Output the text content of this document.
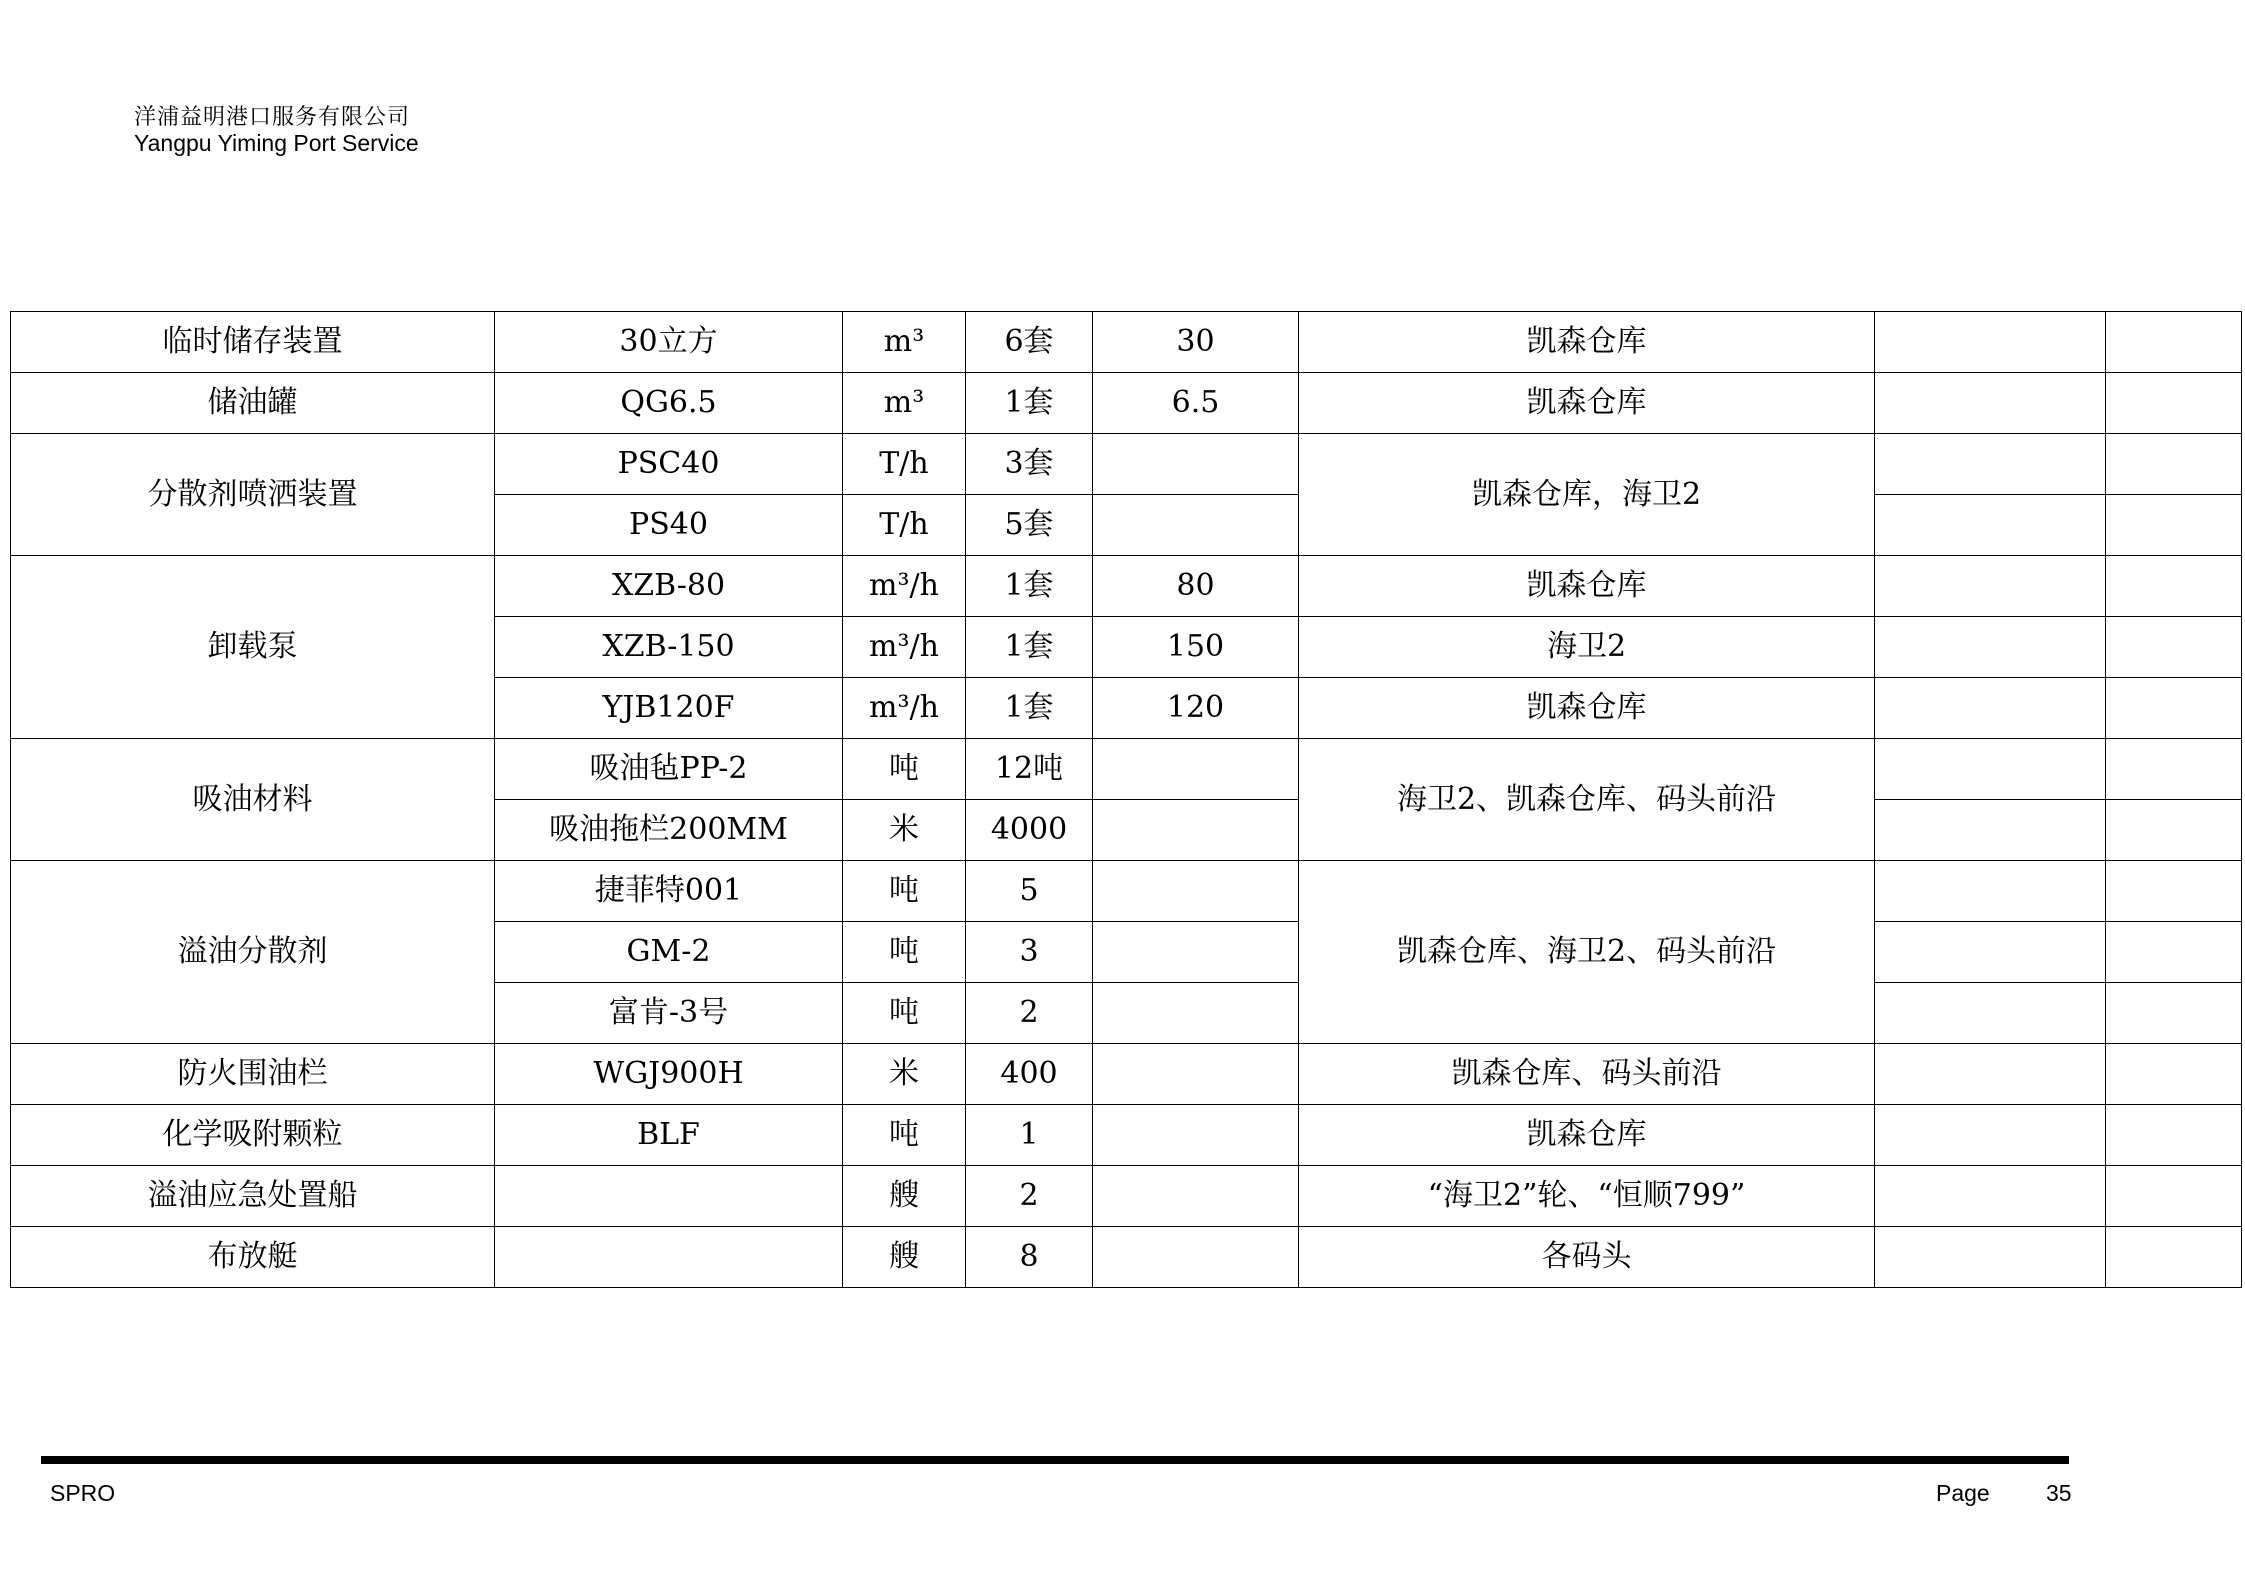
洋浦益明港口服务有限公司
Yangpu Yiming Port Service
临时储存装置	30立方	m³	6套	30	凯森仓库		
储油罐	QG6.5	m³	1套	6.5	凯森仓库		
分散剂喷洒装置	PSC40	T/h	3套		凯森仓库，海卫2		
	PS40	T/h	5套				
卸载泵	XZB-80	m³/h	1套	80	凯森仓库		
	XZB-150	m³/h	1套	150	海卫2		
	YJB120F	m³/h	1套	120	凯森仓库		
吸油材料	吸油毡PP-2	吨	12吨		海卫2、凯森仓库、码头前沿		
	吸油拖栏200MM	米	4000				
溢油分散剂	捷菲特001	吨	5		凯森仓库、海卫2、码头前沿		
	GM-2	吨	3				
	富肯-3号	吨	2				
防火围油栏	WGJ900H	米	400		凯森仓库、码头前沿		
化学吸附颗粒	BLF	吨	1		凯森仓库		
溢油应急处置船		艘	2		“海卫2”轮、“恒顺799”		
布放艇		艘	8		各码头		
SPRO	Page 35
